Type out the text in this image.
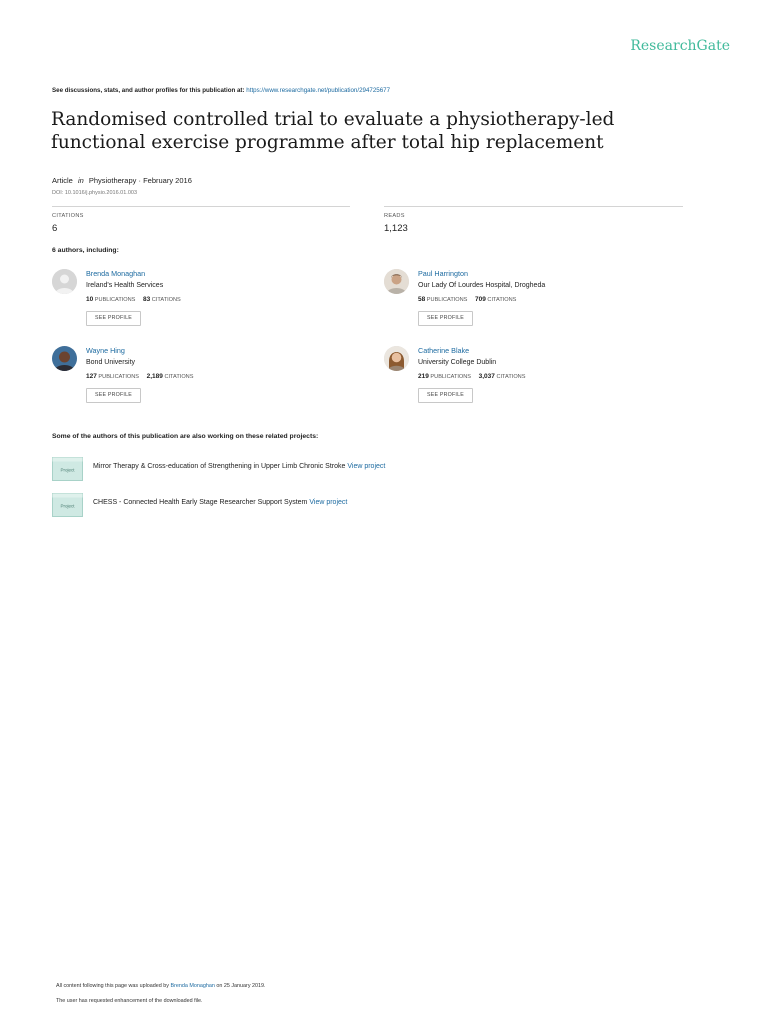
ResearchGate
See discussions, stats, and author profiles for this publication at: https://www.researchgate.net/publication/294725677
Randomised controlled trial to evaluate a physiotherapy-led functional exercise programme after total hip replacement
Article in Physiotherapy · February 2016
DOI: 10.1016/j.physio.2016.01.003
CITATIONS
6
READS
1,123
6 authors, including:
Brenda Monaghan
Ireland's Health Services
10 PUBLICATIONS 83 CITATIONS
SEE PROFILE
Paul Harrington
Our Lady Of Lourdes Hospital, Drogheda
58 PUBLICATIONS 709 CITATIONS
SEE PROFILE
Wayne Hing
Bond University
127 PUBLICATIONS 2,189 CITATIONS
SEE PROFILE
Catherine Blake
University College Dublin
219 PUBLICATIONS 3,037 CITATIONS
SEE PROFILE
Some of the authors of this publication are also working on these related projects:
Project	Mirror Therapy & Cross-education of Strengthening in Upper Limb Chronic Stroke View project
Project	CHESS - Connected Health Early Stage Researcher Support System View project
All content following this page was uploaded by Brenda Monaghan on 25 January 2019.
The user has requested enhancement of the downloaded file.
